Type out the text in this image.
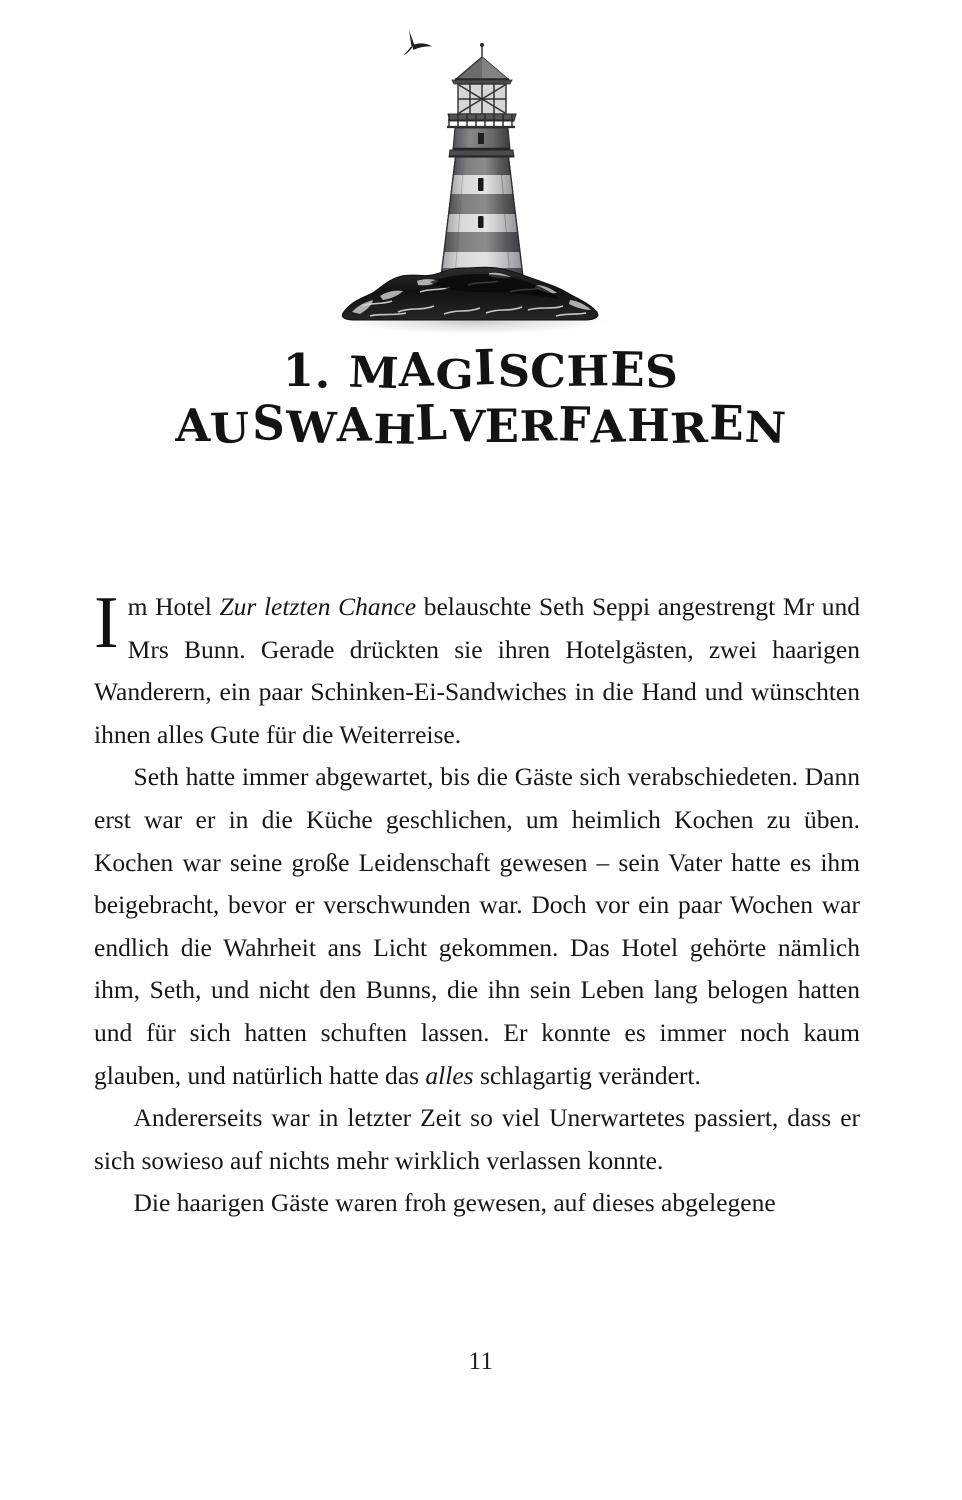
1. MAGISCHES
AUSWAHLVERFAHREN

Im Hotel Zur letzten Chance belauschte Seth Seppi angestrengt Mr und Mrs Bunn. Gerade drückten sie ihren Hotelgästen, zwei haarigen Wanderern, ein paar Schinken-Ei-Sandwiches in die Hand und wünschten ihnen alles Gute für die Weiterreise.

Seth hatte immer abgewartet, bis die Gäste sich verabschiedeten. Dann erst war er in die Küche geschlichen, um heimlich Kochen zu üben. Kochen war seine große Leidenschaft gewesen – sein Vater hatte es ihm beigebracht, bevor er verschwunden war. Doch vor ein paar Wochen war endlich die Wahrheit ans Licht gekommen. Das Hotel gehörte nämlich ihm, Seth, und nicht den Bunns, die ihn sein Leben lang belogen hatten und für sich hatten schuften lassen. Er konnte es immer noch kaum glauben, und natürlich hatte das alles schlagartig verändert.

Andererseits war in letzter Zeit so viel Unerwartetes passiert, dass er sich sowieso auf nichts mehr wirklich verlassen konnte.

Die haarigen Gäste waren froh gewesen, auf dieses abgelegene

11
